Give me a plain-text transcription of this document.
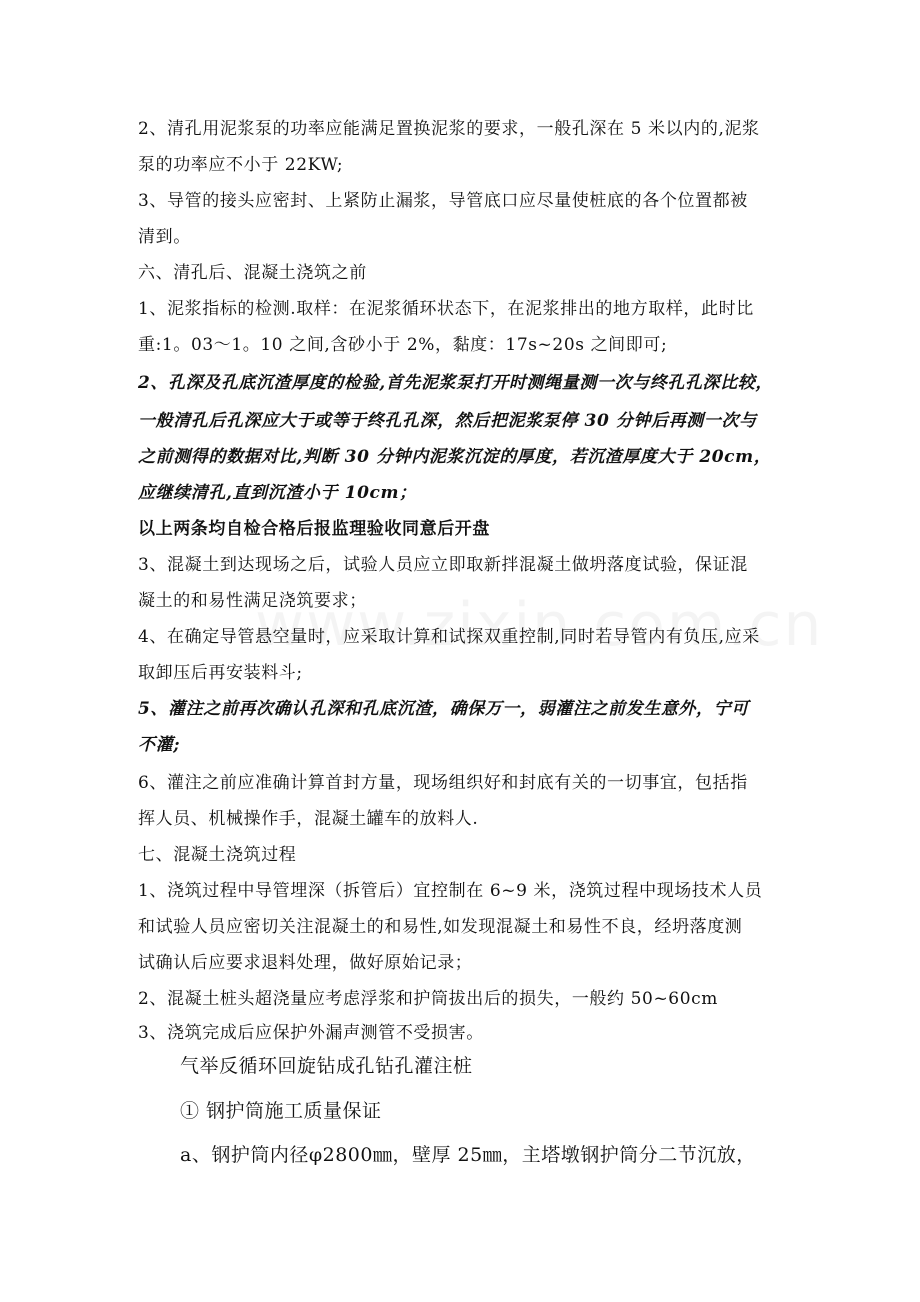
2、清孔用泥浆泵的功率应能满足置换泥浆的要求，一般孔深在 5 米以内的,泥浆
泵的功率应不小于 22KW;
3、导管的接头应密封、上紧防止漏浆，导管底口应尽量使桩底的各个位置都被
清到。
六、清孔后、混凝土浇筑之前
1、泥浆指标的检测.取样：在泥浆循环状态下，在泥浆排出的地方取样，此时比
重:1。03～1。10 之间,含砂小于 2%，黏度：17s~20s 之间即可;
2、孔深及孔底沉渣厚度的检验,首先泥浆泵打开时测绳量测一次与终孔孔深比较，
一般清孔后孔深应大于或等于终孔孔深，然后把泥浆泵停 30 分钟后再测一次与
之前测得的数据对比,判断 30 分钟内泥浆沉淀的厚度，若沉渣厚度大于 20cm，
应继续清孔,直到沉渣小于 10cm；
以上两条均自检合格后报监理验收同意后开盘
3、混凝土到达现场之后，试验人员应立即取新拌混凝土做坍落度试验，保证混
凝土的和易性满足浇筑要求；
4、在确定导管悬空量时，应采取计算和试探双重控制,同时若导管内有负压,应采
取卸压后再安装料斗;
5、灌注之前再次确认孔深和孔底沉渣，确保万一，弱灌注之前发生意外，宁可
不灌;
6、灌注之前应准确计算首封方量，现场组织好和封底有关的一切事宜，包括指
挥人员、机械操作手，混凝土罐车的放料人.
七、混凝土浇筑过程
1、浇筑过程中导管埋深（拆管后）宜控制在 6~9 米，浇筑过程中现场技术人员
和试验人员应密切关注混凝土的和易性,如发现混凝土和易性不良，经坍落度测
试确认后应要求退料处理，做好原始记录；
2、混凝土桩头超浇量应考虑浮浆和护筒拔出后的损失，一般约 50~60cm
3、浇筑完成后应保护外漏声测管不受损害。
气举反循环回旋钻成孔钻孔灌注桩
① 钢护筒施工质量保证
a、钢护筒内径φ2800㎜，壁厚 25㎜，主塔墩钢护筒分二节沉放，
